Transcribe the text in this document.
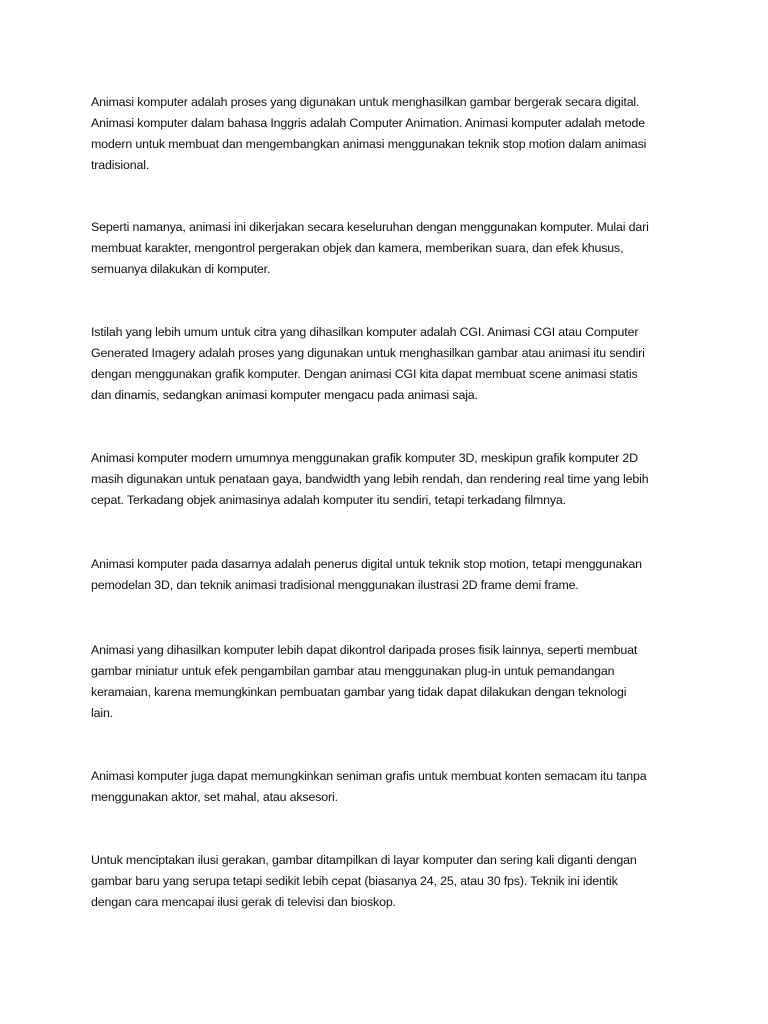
Animasi komputer adalah proses yang digunakan untuk menghasilkan gambar bergerak secara digital.
Animasi komputer dalam bahasa Inggris adalah Computer Animation. Animasi komputer adalah metode
modern untuk membuat dan mengembangkan animasi menggunakan teknik stop motion dalam animasi
tradisional.

Seperti namanya, animasi ini dikerjakan secara keseluruhan dengan menggunakan komputer. Mulai dari
membuat karakter, mengontrol pergerakan objek dan kamera, memberikan suara, dan efek khusus,
semuanya dilakukan di komputer.

Istilah yang lebih umum untuk citra yang dihasilkan komputer adalah CGI. Animasi CGI atau Computer
Generated Imagery adalah proses yang digunakan untuk menghasilkan gambar atau animasi itu sendiri
dengan menggunakan grafik komputer. Dengan animasi CGI kita dapat membuat scene animasi statis
dan dinamis, sedangkan animasi komputer mengacu pada animasi saja.

Animasi komputer modern umumnya menggunakan grafik komputer 3D, meskipun grafik komputer 2D
masih digunakan untuk penataan gaya, bandwidth yang lebih rendah, dan rendering real time yang lebih
cepat. Terkadang objek animasinya adalah komputer itu sendiri, tetapi terkadang filmnya.

Animasi komputer pada dasarnya adalah penerus digital untuk teknik stop motion, tetapi menggunakan
pemodelan 3D, dan teknik animasi tradisional menggunakan ilustrasi 2D frame demi frame.

Animasi yang dihasilkan komputer lebih dapat dikontrol daripada proses fisik lainnya, seperti membuat
gambar miniatur untuk efek pengambilan gambar atau menggunakan plug-in untuk pemandangan
keramaian, karena memungkinkan pembuatan gambar yang tidak dapat dilakukan dengan teknologi
lain.

Animasi komputer juga dapat memungkinkan seniman grafis untuk membuat konten semacam itu tanpa
menggunakan aktor, set mahal, atau aksesori.

Untuk menciptakan ilusi gerakan, gambar ditampilkan di layar komputer dan sering kali diganti dengan
gambar baru yang serupa tetapi sedikit lebih cepat (biasanya 24, 25, atau 30 fps). Teknik ini identik
dengan cara mencapai ilusi gerak di televisi dan bioskop.
